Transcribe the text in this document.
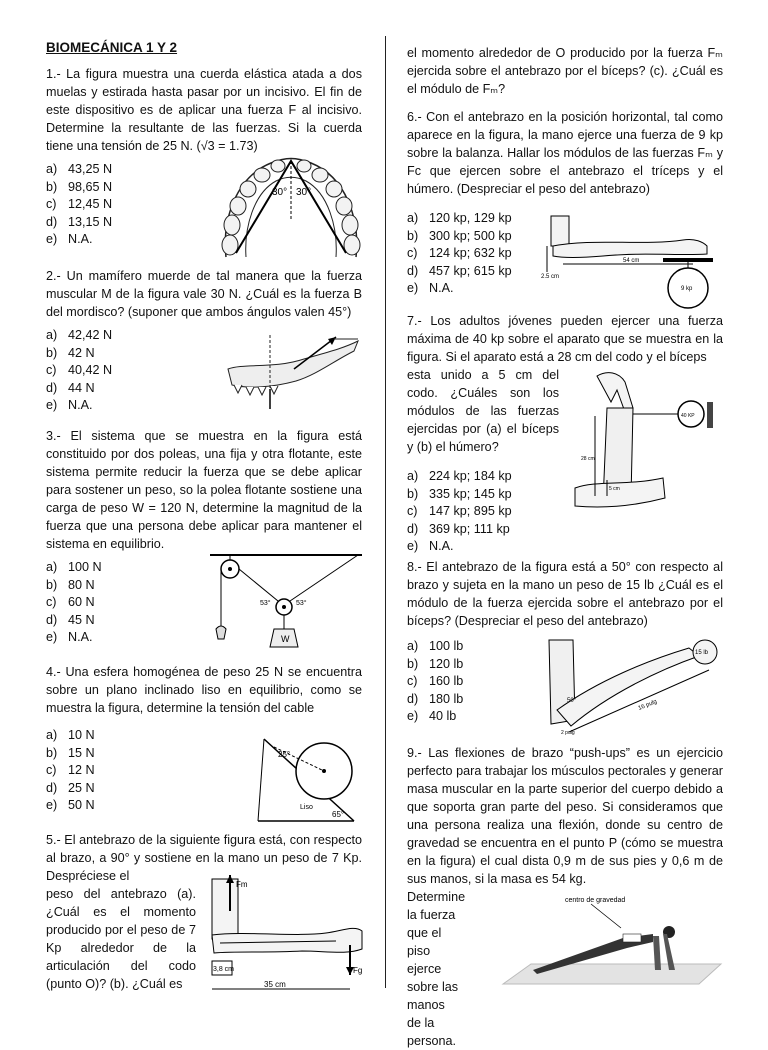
BIOMECÁNICA 1 Y 2

1.- La figura muestra una cuerda elástica atada a dos muelas y estirada hasta pasar por un incisivo. El fin de este dispositivo es de aplicar una fuerza F al incisivo. Determine la resultante de las fuerzas. Si la cuerda tiene una tensión de 25 N. (√3 = 1.73)

a) 43,25 N
b) 98,65 N
c) 12,45 N
d) 13,15 N
e) N.A.
30° 30°

2.- Un mamífero muerde de tal manera que la fuerza muscular M de la figura vale 30 N. ¿Cuál es la fuerza B del mordisco? (suponer que ambos ángulos valen 45°)

a) 42,42 N
b) 42 N
c) 40,42 N
d) 44 N
e) N.A.

3.- El sistema que se muestra en la figura está constituido por dos poleas, una fija y otra flotante, este sistema permite reducir la fuerza que se debe aplicar para sostener un peso, so la polea flotante sostiene una carga de peso W = 120 N, determine la magnitud de la fuerza que una persona debe aplicar para mantener el sistema en equilibrio.

a) 100 N
b) 80 N
c) 60 N
d) 45 N
e) N.A.	W
53°	53°

4.- Una esfera homogénea de peso 25 N se encuentra sobre un plano inclinado liso en equilibrio, como se muestra la figura, determine la tensión del cable

a) 10 N
b) 15 N
c) 12 N
d) 25 N
e) 50 N
25°
Liso
65°

5.- El antebrazo de la siguiente figura está, con respecto al brazo, a 90° y sostiene en la mano un peso de 7 Kp. Despréciese el

peso del antebrazo (a). ¿Cuál es el momento producido por el peso de 7 Kp alrededor de la articulación del codo (punto O)? (b). ¿Cuál es

Fm
Fg
3,8 cm
35 cm

el momento alrededor de O producido por la fuerza Fₘ ejercida sobre el antebrazo por el bíceps? (c). ¿Cuál es el módulo de Fₘ?

6.- Con el antebrazo en la posición horizontal, tal como aparece en la figura, la mano ejerce una fuerza de 9 kp sobre la balanza. Hallar los módulos de las fuerzas Fₘ y Fc que ejercen sobre el antebrazo el tríceps y el húmero. (Despreciar el peso del antebrazo)

a) 120 kp, 129 kp
b) 300 kp; 500 kp
c) 124 kp; 632 kp
d) 457 kp; 615 kp
e) N.A.
2.5 cm
54 cm
9 kp

7.- Los adultos jóvenes pueden ejercer una fuerza máxima de 40 kp sobre el aparato que se muestra en la figura. Si el aparato está a 28 cm del codo y el bíceps

esta unido a 5 cm del codo. ¿Cuáles son los módulos de las fuerzas ejercidas por (a) el bíceps y (b) el húmero?

a) 224 kp; 184 kp
b) 335 kp; 145 kp
c) 147 kp; 895 kp
d) 369 kp; 111 kp
e) N.A.
40 KP
28 cm
5 cm

8.- El antebrazo de la figura está a 50° con respecto al brazo y sujeta en la mano un peso de 15 lb ¿Cuál es el módulo de la fuerza ejercida sobre el antebrazo por el bíceps? (Despreciar el peso del antebrazo)

a) 100 lb
b) 120 lb
c) 160 lb
d) 180 lb
e) 40 lb
15 lb
50°	16 pulg
2 pulg

9.- Las flexiones de brazo “push-ups” es un ejercicio perfecto para trabajar los músculos pectorales y generar masa muscular en la parte superior del cuerpo debido a que soporta gran parte del peso. Si consideramos que una persona realiza una flexión, donde su centro de gravedad se encuentra en el punto P (cómo se muestra en la figura) el cual dista 0,9 m de sus pies y 0,6 m de sus manos, si la masa es 54 kg.

Determine la fuerza que el piso ejerce sobre las manos de la persona.

centro de gravedad
